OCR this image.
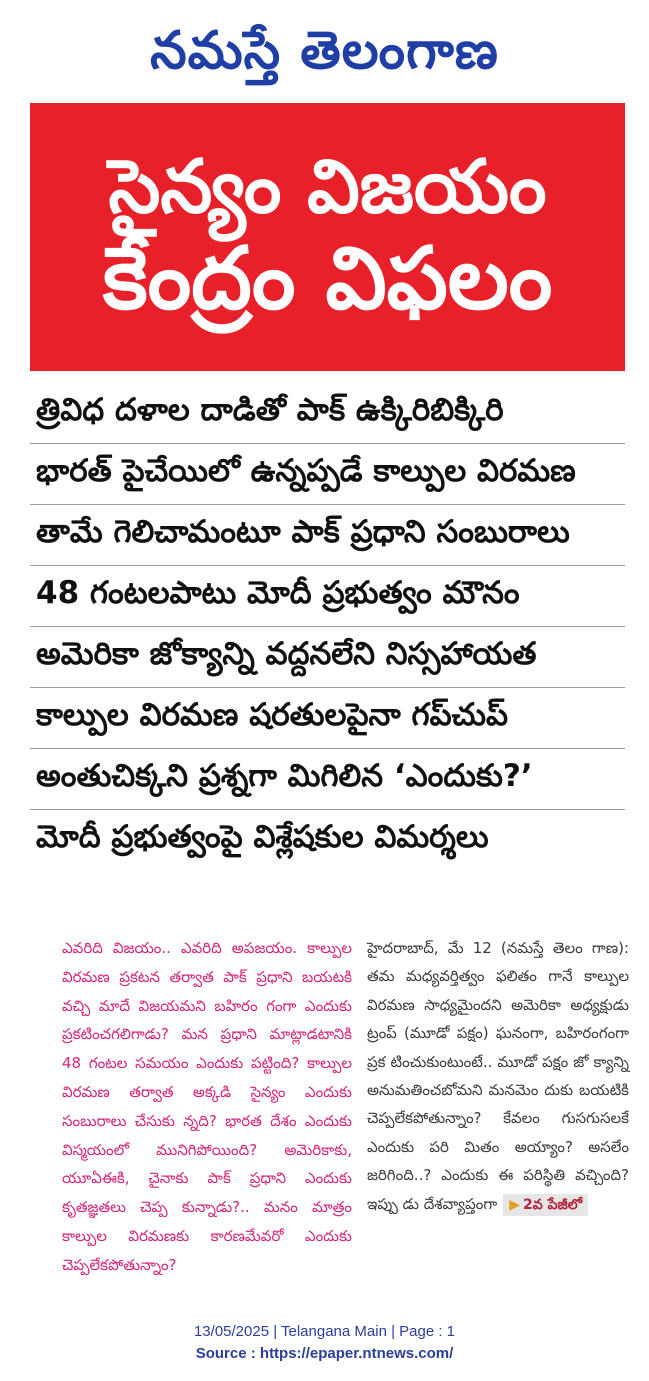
నమస్తే తెలంగాణ
సైన్యం విజయం
కేంద్రం విఫలం
త్రివిధ దళాల దాడితో పాక్ ఉక్కిరిబిక్కిరి
భారత్ పైచేయిలో ఉన్నప్పడే కాల్పుల విరమణ
తామే గెలిచామంటూ పాక్ ప్రధాని సంబురాలు
48 గంటలపాటు మోదీ ప్రభుత్వం మౌనం
అమెరికా జోక్యాన్ని వద్దనలేని నిస్సహాయత
కాల్పుల విరమణ షరతులపైనా గప్‌చుప్
అంతుచిక్కని ప్రశ్నగా మిగిలిన ‘ఎందుకు?’
మోదీ ప్రభుత్వంపై విశ్లేషకుల విమర్శలు
ఎవరిది విజయం.. ఎవరిది అపజయం. కాల్పుల విరమణ ప్రకటన తర్వాత పాక్ ప్రధాని బయటకి వచ్చి మాదే విజయమని బహిరం గంగా ఎందుకు ప్రకటించగలిగాడు? మన ప్రధాని మాట్లాడటానికి 48 గంటల సమయం ఎందుకు పట్టింది? కాల్పుల విరమణ తర్వాత అక్కడి సైన్యం ఎందుకు సంబురాలు చేసుకు న్నది? భారత దేశం ఎందుకు విస్మయంలో మునిగిపోయింది? అమెరికాకు, యూఏఈకి, చైనాకు పాక్ ప్రధాని ఎందుకు కృతజ్ఞతలు చెప్ప కున్నాడు?.. మనం మాత్రం కాల్పుల విరమణకు కారణమేవరో ఎందుకు చెప్పలేకపోతున్నాం?
హైదరాబాద్, మే 12 (నమస్తే తెలం గాణ): తమ మధ్యవర్తిత్వం ఫలితం గానే కాల్పుల విరమణ సాధ్యమైందని అమెరికా అధ్యక్షుడు ట్రంప్ (మూడో పక్షం) ఘనంగా, బహిరంగంగా ప్రక టించుకుంటుంటే.. మూడో పక్షం జో క్యాన్ని అనుమతించబోమని మనమెం దుకు బయటికి చెప్పలేకపోతున్నాం? కేవలం గుసగుసలకే ఎందుకు పరి మితం అయ్యాం? అసలేం జరిగింది..? ఎందుకు ఈ పరిస్థితి వచ్చింది? ఇప్పు డు దేశవ్యాప్తంగా ▶ 2వ పేజీలో
13/05/2025 | Telangana Main | Page : 1
Source : https://epaper.ntnews.com/
